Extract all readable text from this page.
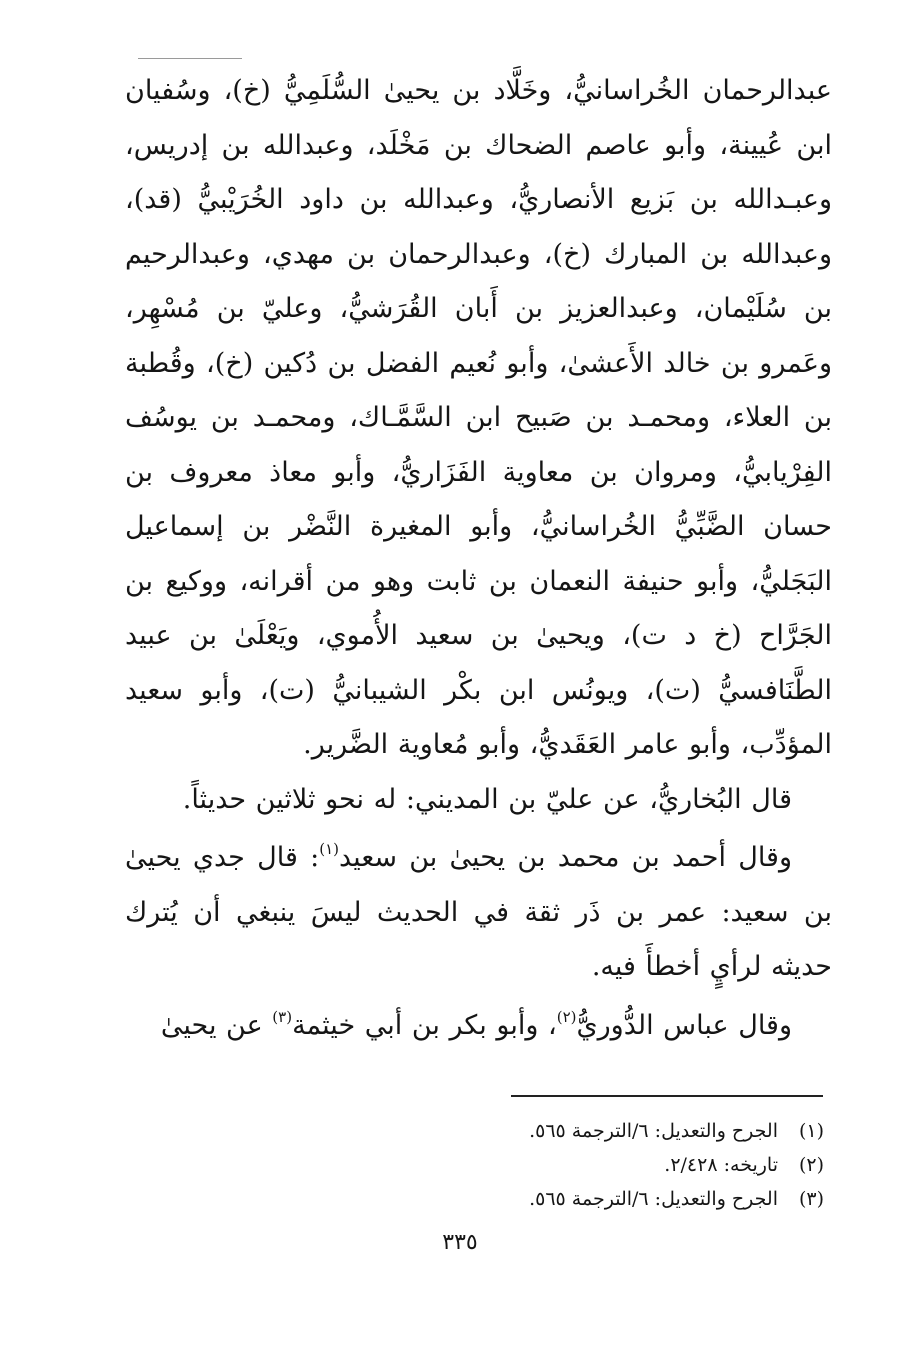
عبدالرحمان الخُراسانيُّ، وخَلَّاد بن يحيىٰ السُّلَمِيُّ (خ)، وسُفيان ابن عُيينة، وأبو عاصم الضحاك بن مَخْلَد، وعبدالله بن إدريس، وعبـدالله بن بَزيع الأنصاريُّ، وعبدالله بن داود الخُرَيْبيُّ (قد)، وعبدالله بن المبارك (خ)، وعبدالرحمان بن مهدي، وعبدالرحيم بن سُلَيْمان، وعبدالعزيز بن أَبان القُرَشيُّ، وعليّ بن مُسْهِر، وعَمرو بن خالد الأَعشىٰ، وأبو نُعيم الفضل بن دُكين (خ)، وقُطبة بن العلاء، ومحمـد بن صَبيح ابن السَّمَّـاك، ومحمـد بن يوسُف الفِرْيابيُّ، ومروان بن معاوية الفَزَاريُّ، وأبو معاذ معروف بن حسان الضَّبِّيُّ الخُراسانيُّ، وأبو المغيرة النَّضْر بن إسماعيل البَجَليُّ، وأبو حنيفة النعمان بن ثابت وهو من أقرانه، ووكيع بن الجَرَّاح (خ د ت)، ويحيىٰ بن سعيد الأُموي، ويَعْلَىٰ بن عبيد الطَّنَافسيُّ (ت)، ويونُس ابن بكْر الشيبانيُّ (ت)، وأبو سعيد المؤدِّب، وأبو عامر العَقَديُّ، وأبو مُعاوية الضَّرير.

قال البُخاريُّ، عن عليّ بن المديني: له نحو ثلاثين حديثاً.

وقال أحمد بن محمد بن يحيىٰ بن سعيد$^{(١)}$: قال جدي يحيىٰ بن سعيد: عمر بن ذَر ثقة في الحديث ليسَ ينبغي أن يُترك حديثه لرأيٍ أخطأَ فيه.

وقال عباس الدُّوريُّ$^{(٢)}$، وأبو بكر بن أبي خيثمة$^{(٣)}$ عن يحيىٰ

(١)
الجرح والتعديل: ٦/الترجمة ٥٦٥.
(٢)
تاريخه: ٢/٤٢٨.
(٣)
الجرح والتعديل: ٦/الترجمة ٥٦٥.
٣٣٥
